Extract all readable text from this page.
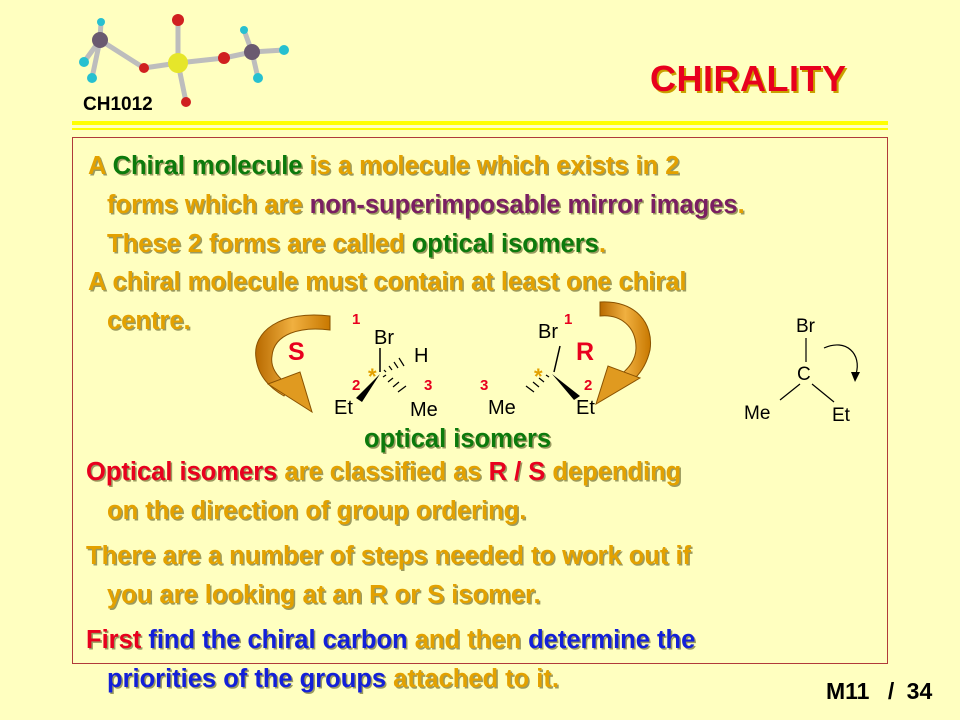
CH1012
CHIRALITY
A Chiral molecule is a molecule which exists in 2
forms which are non-superimposable mirror images.
These 2 forms are called optical isomers.
A chiral molecule must contain at least one chiral
centre.
S	R
Br
H
Et	Me
*
1
2	3
Br
Me	Et
*
1
3	2
Br
C
Me	Et
optical isomers
Optical isomers are classified as R / S depending
on the direction of group ordering.
There are a number of steps needed to work out if
you are looking at an R or S isomer.
First find the chiral carbon and then determine the
priorities of the groups attached to it.	M11 / 34
